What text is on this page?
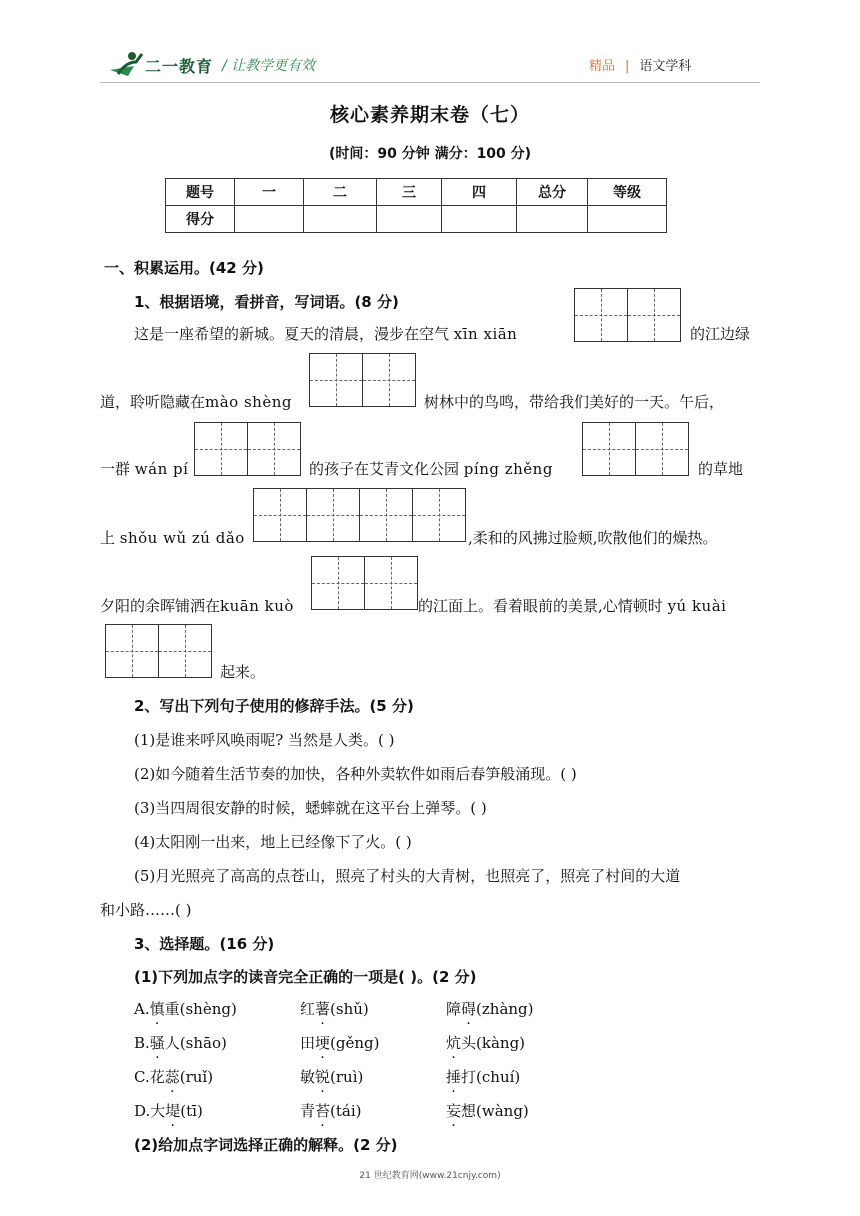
二一教育 / 让教学更有效	精品 | 语文学科
核心素养期末卷（七）
(时间：90 分钟 满分：100 分)
题号	一	二	三	四	总分	等级
得分						
一、积累运用。(42 分)
1、根据语境，看拼音，写词语。(8 分)
这是一座希望的新城。夏天的清晨，漫步在空气 xīn xiān	的江边绿
道，聆听隐藏在mào shèng	树林中的鸟鸣，带给我们美好的一天。午后，
一群 wán pí	的孩子在艾青文化公园 píng zhěng	的草地
上 shǒu wǔ zú dǎo	,柔和的风拂过脸颊,吹散他们的燥热。
夕阳的余晖铺洒在kuān kuò	的江面上。看着眼前的美景,心情顿时 yú kuài
起来。
2、写出下列句子使用的修辞手法。(5 分)
(1)是谁来呼风唤雨呢? 当然是人类。( )
(2)如今随着生活节奏的加快，各种外卖软件如雨后春笋般涌现。( )
(3)当四周很安静的时候，蟋蟀就在这平台上弹琴。( )
(4)太阳刚一出来，地上已经像下了火。( )
(5)月光照亮了高高的点苍山，照亮了村头的大青树，也照亮了，照亮了村间的大道
和小路……( )
3、选择题。(16 分)
(1)下列加点字的读音完全正确的一项是( )。(2 分)
A.慎重(shèng)	红薯(shǔ)	障碍(zhàng)
B.骚人(shāo)	田埂(gěng)	炕头(kàng)
C.花蕊(ruǐ)	敏锐(ruì)	捶打(chuí)
D.大堤(tī)	青苔(tái)	妄想(wàng)
(2)给加点字词选择正确的解释。(2 分)
21 世纪教育网(www.21cnjy.com)
